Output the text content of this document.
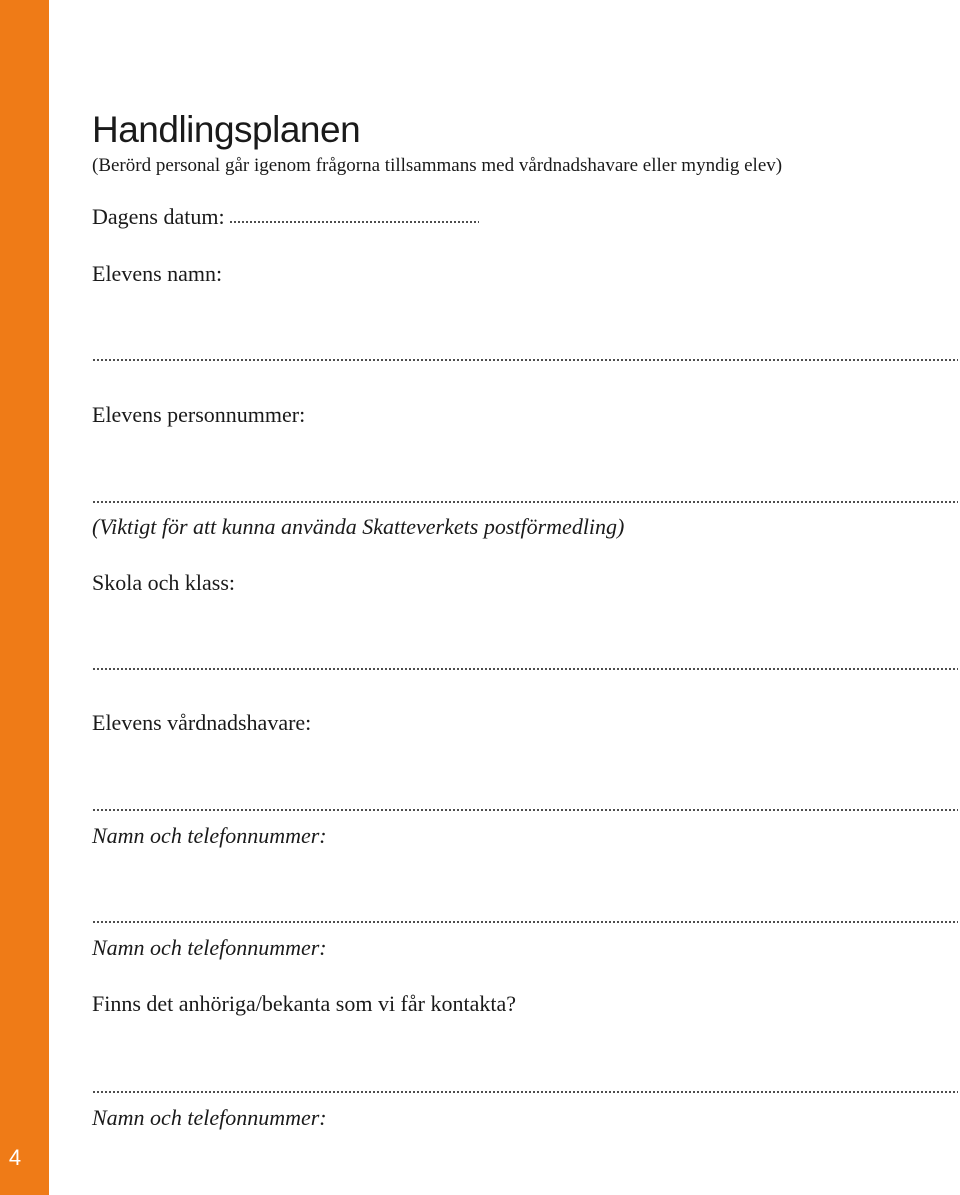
4
Handlingsplanen
(Berörd personal går igenom frågorna tillsammans med vårdnadshavare eller myndig elev)
Dagens datum:
Elevens namn:
Elevens personnummer:
(Viktigt för att kunna använda Skatteverkets postförmedling)
Skola och klass:
Elevens vårdnadshavare:
Namn och telefonnummer:
Namn och telefonnummer:
Finns det anhöriga/bekanta som vi får kontakta?
Namn och telefonnummer:
